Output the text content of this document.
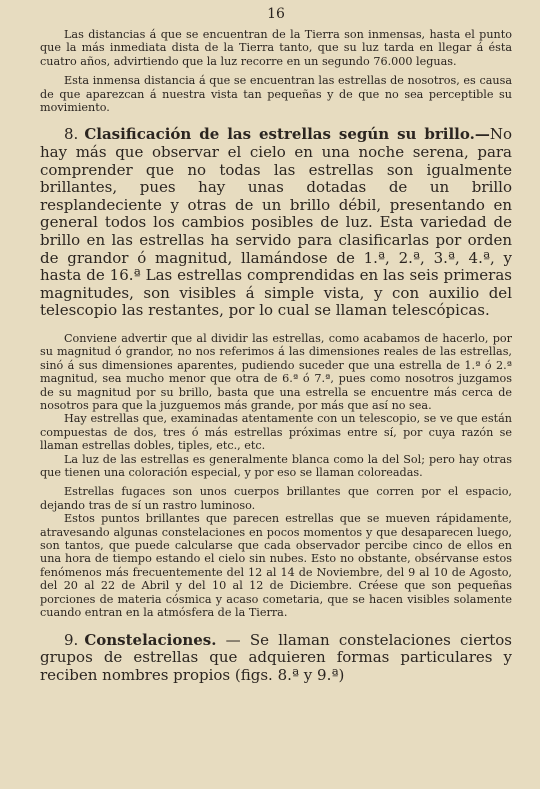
16

Las distancias á que se encuentran de la Tierra son inmensas, hasta el punto que la más inmediata dista de la Tierra tanto, que su luz tarda en llegar á ésta cuatro años, advirtiendo que la luz recorre en un segundo 76.000 leguas.

Esta inmensa distancia á que se encuentran las estrellas de nosotros, es causa de que aparezcan á nuestra vista tan pequeñas y de que no sea perceptible su movimiento.

8. Clasificación de las estrellas según su brillo.—No hay más que observar el cielo en una noche serena, para comprender que no todas las estrellas son igualmente brillantes, pues hay unas dotadas de un brillo resplandeciente y otras de un brillo débil, presentando en general todos los cambios posibles de luz. Esta variedad de brillo en las estrellas ha servido para clasificarlas por orden de grandor ó magnitud, llamándose de 1.ª, 2.ª, 3.ª, 4.ª, y hasta de 16.ª Las estrellas comprendidas en las seis primeras magnitudes, son visibles á simple vista, y con auxilio del telescopio las restantes, por lo cual se llaman telescópicas.

Conviene advertir que al dividir las estrellas, como acabamos de hacerlo, por su magnitud ó grandor, no nos referimos á las dimensiones reales de las estrellas, sinó á sus dimensiones aparentes, pudiendo suceder que una estrella de 1.ª ó 2.ª magnitud, sea mucho menor que otra de 6.ª ó 7.ª, pues como nosotros juzgamos de su magnitud por su brillo, basta que una estrella se encuentre más cerca de nosotros para que la juzguemos más grande, por más que así no sea.

Hay estrellas que, examinadas atentamente con un telescopio, se ve que están compuestas de dos, tres ó más estrellas próximas entre sí, por cuya razón se llaman estrellas dobles, tiples, etc., etc.

La luz de las estrellas es generalmente blanca como la del Sol; pero hay otras que tienen una coloración especial, y por eso se llaman coloreadas.

Estrellas fugaces son unos cuerpos brillantes que corren por el espacio, dejando tras de sí un rastro luminoso.

Estos puntos brillantes que parecen estrellas que se mueven rápidamente, atravesando algunas constelaciones en pocos momentos y que desaparecen luego, son tantos, que puede calcularse que cada observador percibe cinco de ellos en una hora de tiempo estando el cielo sin nubes. Esto no obstante, obsérvanse estos fenómenos más frecuentemente del 12 al 14 de Noviembre, del 9 al 10 de Agosto, del 20 al 22 de Abril y del 10 al 12 de Diciembre. Créese que son pequeñas porciones de materia cósmica y acaso cometaria, que se hacen visibles solamente cuando entran en la atmósfera de la Tierra.

9. Constelaciones. — Se llaman constelaciones ciertos grupos de estrellas que adquieren formas particulares y reciben nombres propios (figs. 8.ª y 9.ª)
